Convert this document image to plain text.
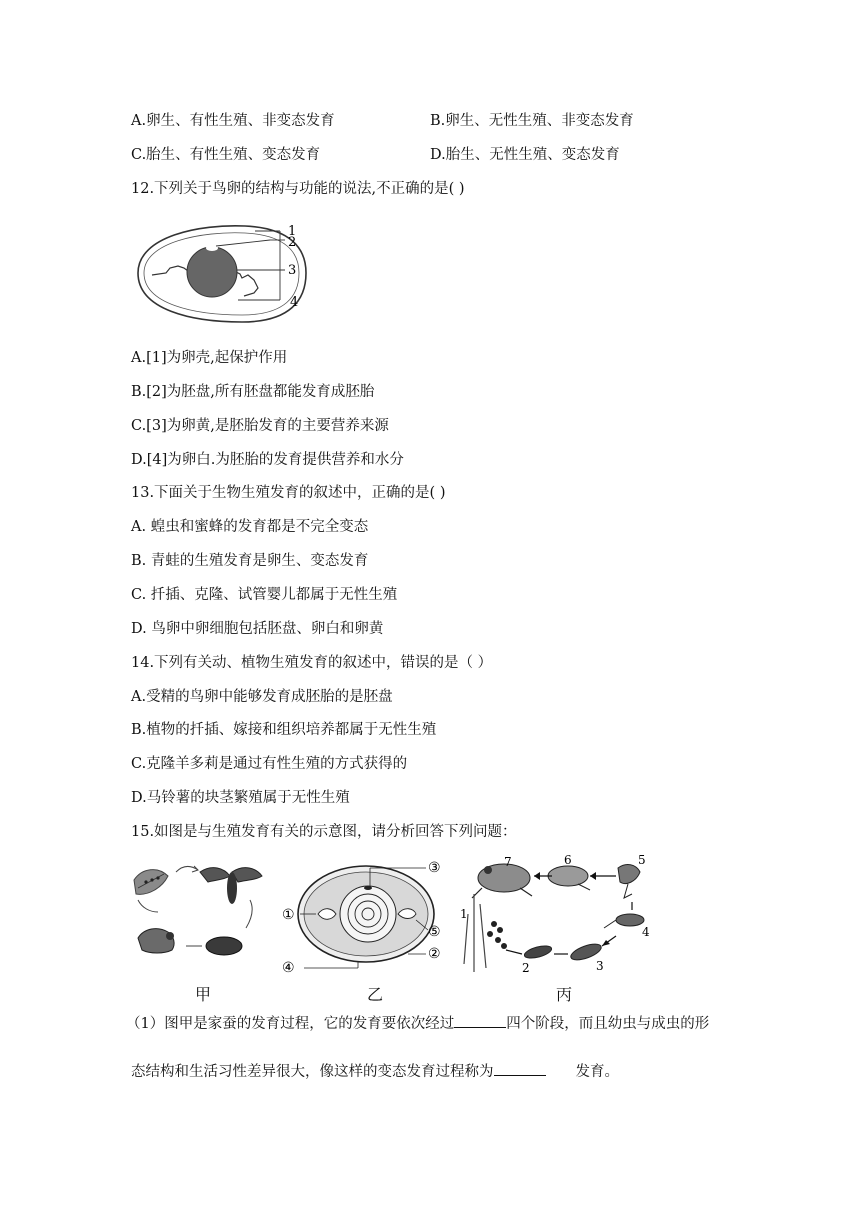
A.卵生、有性生殖、非变态发育	B.卵生、无性生殖、非变态发育
C.胎生、有性生殖、变态发育	D.胎生、无性生殖、变态发育
12.下列关于鸟卵的结构与功能的说法,不正确的是( )
1
2
3
4
A.[1]为卵壳,起保护作用
B.[2]为胚盘,所有胚盘都能发育成胚胎
C.[3]为卵黄,是胚胎发育的主要营养来源
D.[4]为卵白.为胚胎的发育提供营养和水分
13.下面关于生物生殖发育的叙述中，正确的是( )
A. 蝗虫和蜜蜂的发育都是不完全变态
B. 青蛙的生殖发育是卵生、变态发育
C. 扦插、克隆、试管婴儿都属于无性生殖
D. 鸟卵中卵细胞包括胚盘、卵白和卵黄
14.下列有关动、植物生殖发育的叙述中，错误的是（ ）
A.受精的鸟卵中能够发育成胚胎的是胚盘
B.植物的扦插、嫁接和组织培养都属于无性生殖
C.克隆羊多莉是通过有性生殖的方式获得的
D.马铃薯的块茎繁殖属于无性生殖
15.如图是与生殖发育有关的示意图，请分析回答下列问题：
③
①
⑤
④
②
7	6	5
1
4
2	3
甲	乙	丙
（1）图甲是家蚕的发育过程，它的发育要依次经过	四个阶段，而且幼虫与成虫的形
态结构和生活习性差异很大，像这样的变态发育过程称为	发育。
